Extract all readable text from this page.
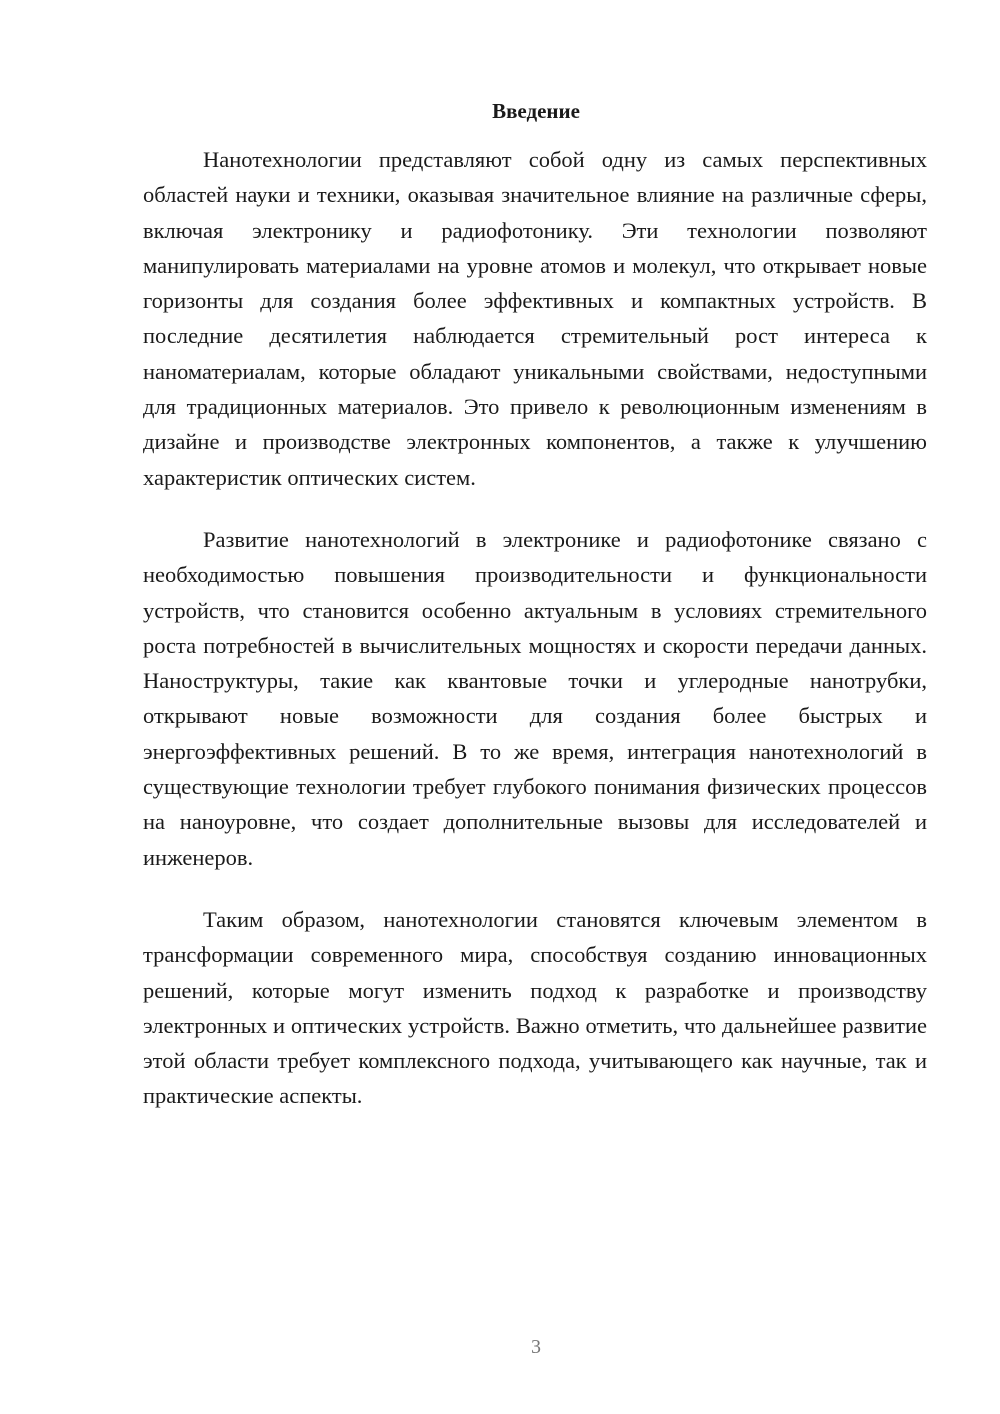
Введение

Нанотехнологии представляют собой одну из самых перспективных областей науки и техники, оказывая значительное влияние на различные сферы, включая электронику и радиофотонику. Эти технологии позволяют манипулировать материалами на уровне атомов и молекул, что открывает новые горизонты для создания более эффективных и компактных устройств. В последние десятилетия наблюдается стремительный рост интереса к наноматериалам, которые обладают уникальными свойствами, недоступными для традиционных материалов. Это привело к революционным изменениям в дизайне и производстве электронных компонентов, а также к улучшению характеристик оптических систем.

Развитие нанотехнологий в электронике и радиофотонике связано с необходимостью повышения производительности и функциональности устройств, что становится особенно актуальным в условиях стремительного роста потребностей в вычислительных мощностях и скорости передачи данных. Наноструктуры, такие как квантовые точки и углеродные нанотрубки, открывают новые возможности для создания более быстрых и энергоэффективных решений. В то же время, интеграция нанотехнологий в существующие технологии требует глубокого понимания физических процессов на наноуровне, что создает дополнительные вызовы для исследователей и инженеров.

Таким образом, нанотехнологии становятся ключевым элементом в трансформации современного мира, способствуя созданию инновационных решений, которые могут изменить подход к разработке и производству электронных и оптических устройств. Важно отметить, что дальнейшее развитие этой области требует комплексного подхода, учитывающего как научные, так и практические аспекты.

3
